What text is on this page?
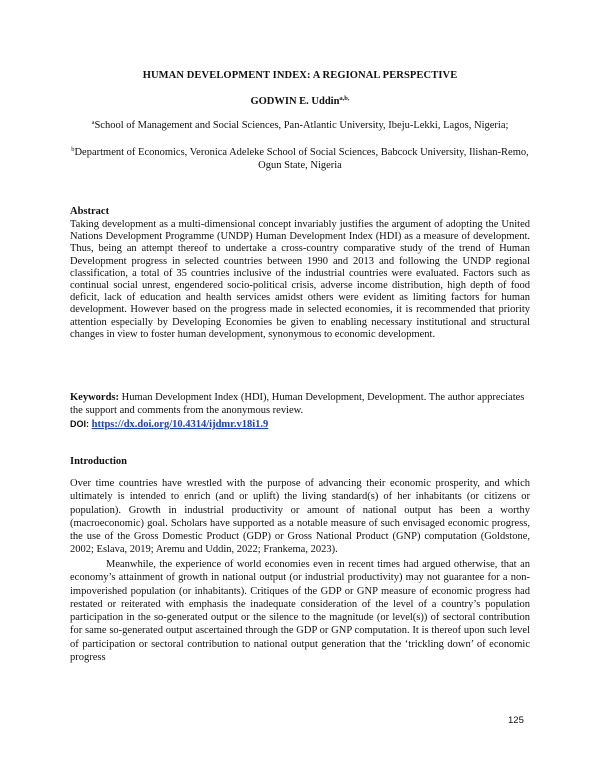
HUMAN DEVELOPMENT INDEX: A REGIONAL PERSPECTIVE
GODWIN E. Uddin$^{a,b,}$
$^a$School of Management and Social Sciences, Pan-Atlantic University, Ibeju-Lekki, Lagos, Nigeria;
$^b$Department of Economics, Veronica Adeleke School of Social Sciences, Babcock University, Ilishan-Remo, Ogun State, Nigeria
Abstract

Taking development as a multi-dimensional concept invariably justifies the argument of adopting the United Nations Development Programme (UNDP) Human Development Index (HDI) as a measure of development. Thus, being an attempt thereof to undertake a cross-country comparative study of the trend of Human Development progress in selected countries between 1990 and 2013 and following the UNDP regional classification, a total of 35 countries inclusive of the industrial countries were evaluated. Factors such as continual social unrest, engendered socio-political crisis, adverse income distribution, high depth of food deficit, lack of education and health services amidst others were evident as limiting factors for human development. However based on the progress made in selected economies, it is recommended that priority attention especially by Developing Economies be given to enabling necessary institutional and structural changes in view to foster human development, synonymous to economic development.

Keywords: Human Development Index (HDI), Human Development, Development. The author appreciates the support and comments from the anonymous review.

DOI: https://dx.doi.org/10.4314/ijdmr.v18i1.9
Introduction

Over time countries have wrestled with the purpose of advancing their economic prosperity, and which ultimately is intended to enrich (and or uplift) the living standard(s) of her inhabitants (or citizens or population). Growth in industrial productivity or amount of national output has been a worthy (macroeconomic) goal. Scholars have supported as a notable measure of such envisaged economic progress, the use of the Gross Domestic Product (GDP) or Gross National Product (GNP) computation (Goldstone, 2002; Eslava, 2019; Aremu and Uddin, 2022; Frankema, 2023).

Meanwhile, the experience of world economies even in recent times had argued otherwise, that an economy’s attainment of growth in national output (or industrial productivity) may not guarantee for a non-impoverished population (or inhabitants). Critiques of the GDP or GNP measure of economic progress had restated or reiterated with emphasis the inadequate consideration of the level of a country’s population participation in the so-generated output or the silence to the magnitude (or level(s)) of sectoral contribution for same so-generated output ascertained through the GDP or GNP computation. It is thereof upon such level of participation or sectoral contribution to national output generation that the ‘trickling down’ of economic progress

125
